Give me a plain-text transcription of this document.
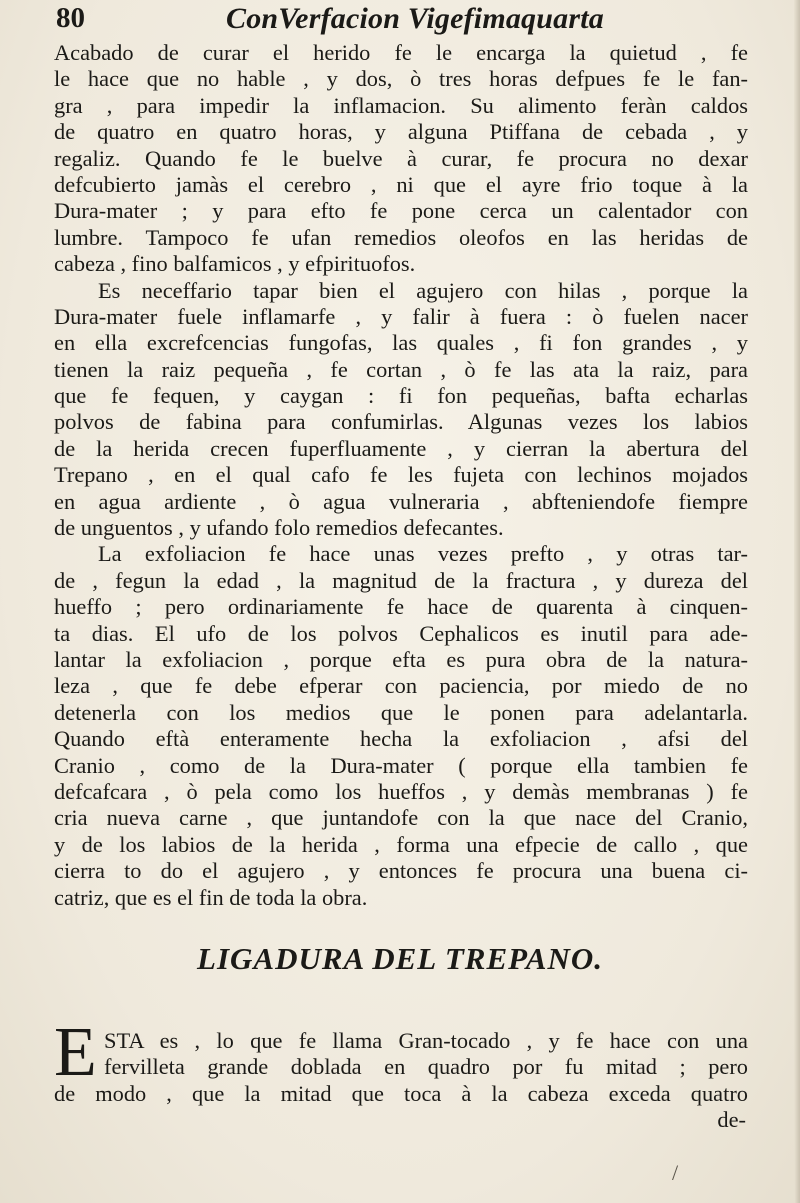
80	ConVerfacion Vigefimaquarta
Acabado de curar el herido fe le encarga la quietud , fe
le hace que no hable , y dos, ò tres horas defpues fe le fan-
gra , para impedir la inflamacion. Su alimento feràn caldos
de quatro en quatro horas, y alguna Ptiffana de cebada , y
regaliz. Quando fe le buelve à curar, fe procura no dexar
defcubierto jamàs el cerebro , ni que el ayre frio toque à la
Dura-mater ; y para efto fe pone cerca un calentador con
lumbre. Tampoco fe ufan remedios oleofos en las heridas de
cabeza , fino balfamicos , y efpirituofos.
Es neceffario tapar bien el agujero con hilas , porque la
Dura-mater fuele inflamarfe , y falir à fuera : ò fuelen nacer
en ella excrefcencias fungofas, las quales , fi fon grandes , y
tienen la raiz pequeña , fe cortan , ò fe las ata la raiz, para
que fe fequen, y caygan : fi fon pequeñas, bafta echarlas
polvos de fabina para confumirlas. Algunas vezes los labios
de la herida crecen fuperfluamente , y cierran la abertura del
Trepano , en el qual cafo fe les fujeta con lechinos mojados
en agua ardiente , ò agua vulneraria , abfteniendofe fiempre
de unguentos , y ufando folo remedios defecantes.
La exfoliacion fe hace unas vezes prefto , y otras tar-
de , fegun la edad , la magnitud de la fractura , y dureza del
hueffo ; pero ordinariamente fe hace de quarenta à cinquen-
ta dias. El ufo de los polvos Cephalicos es inutil para ade-
lantar la exfoliacion , porque efta es pura obra de la natura-
leza , que fe debe efperar con paciencia, por miedo de no
detenerla con los medios que le ponen para adelantarla.
Quando eftà enteramente hecha la exfoliacion , afsi del
Cranio , como de la Dura-mater ( porque ella tambien fe
defcafcara , ò pela como los hueffos , y demàs membranas ) fe
cria nueva carne , que juntandofe con la que nace del Cranio,
y de los labios de la herida , forma una efpecie de callo , que
cierra to do el agujero , y entonces fe procura una buena ci-
catriz, que es el fin de toda la obra.
LIGADURA DEL TREPANO.
E STA es , lo que fe llama Gran-tocado , y fe hace con una
fervilleta grande doblada en quadro por fu mitad ; pero
de modo , que la mitad que toca à la cabeza exceda quatro
de-
/
